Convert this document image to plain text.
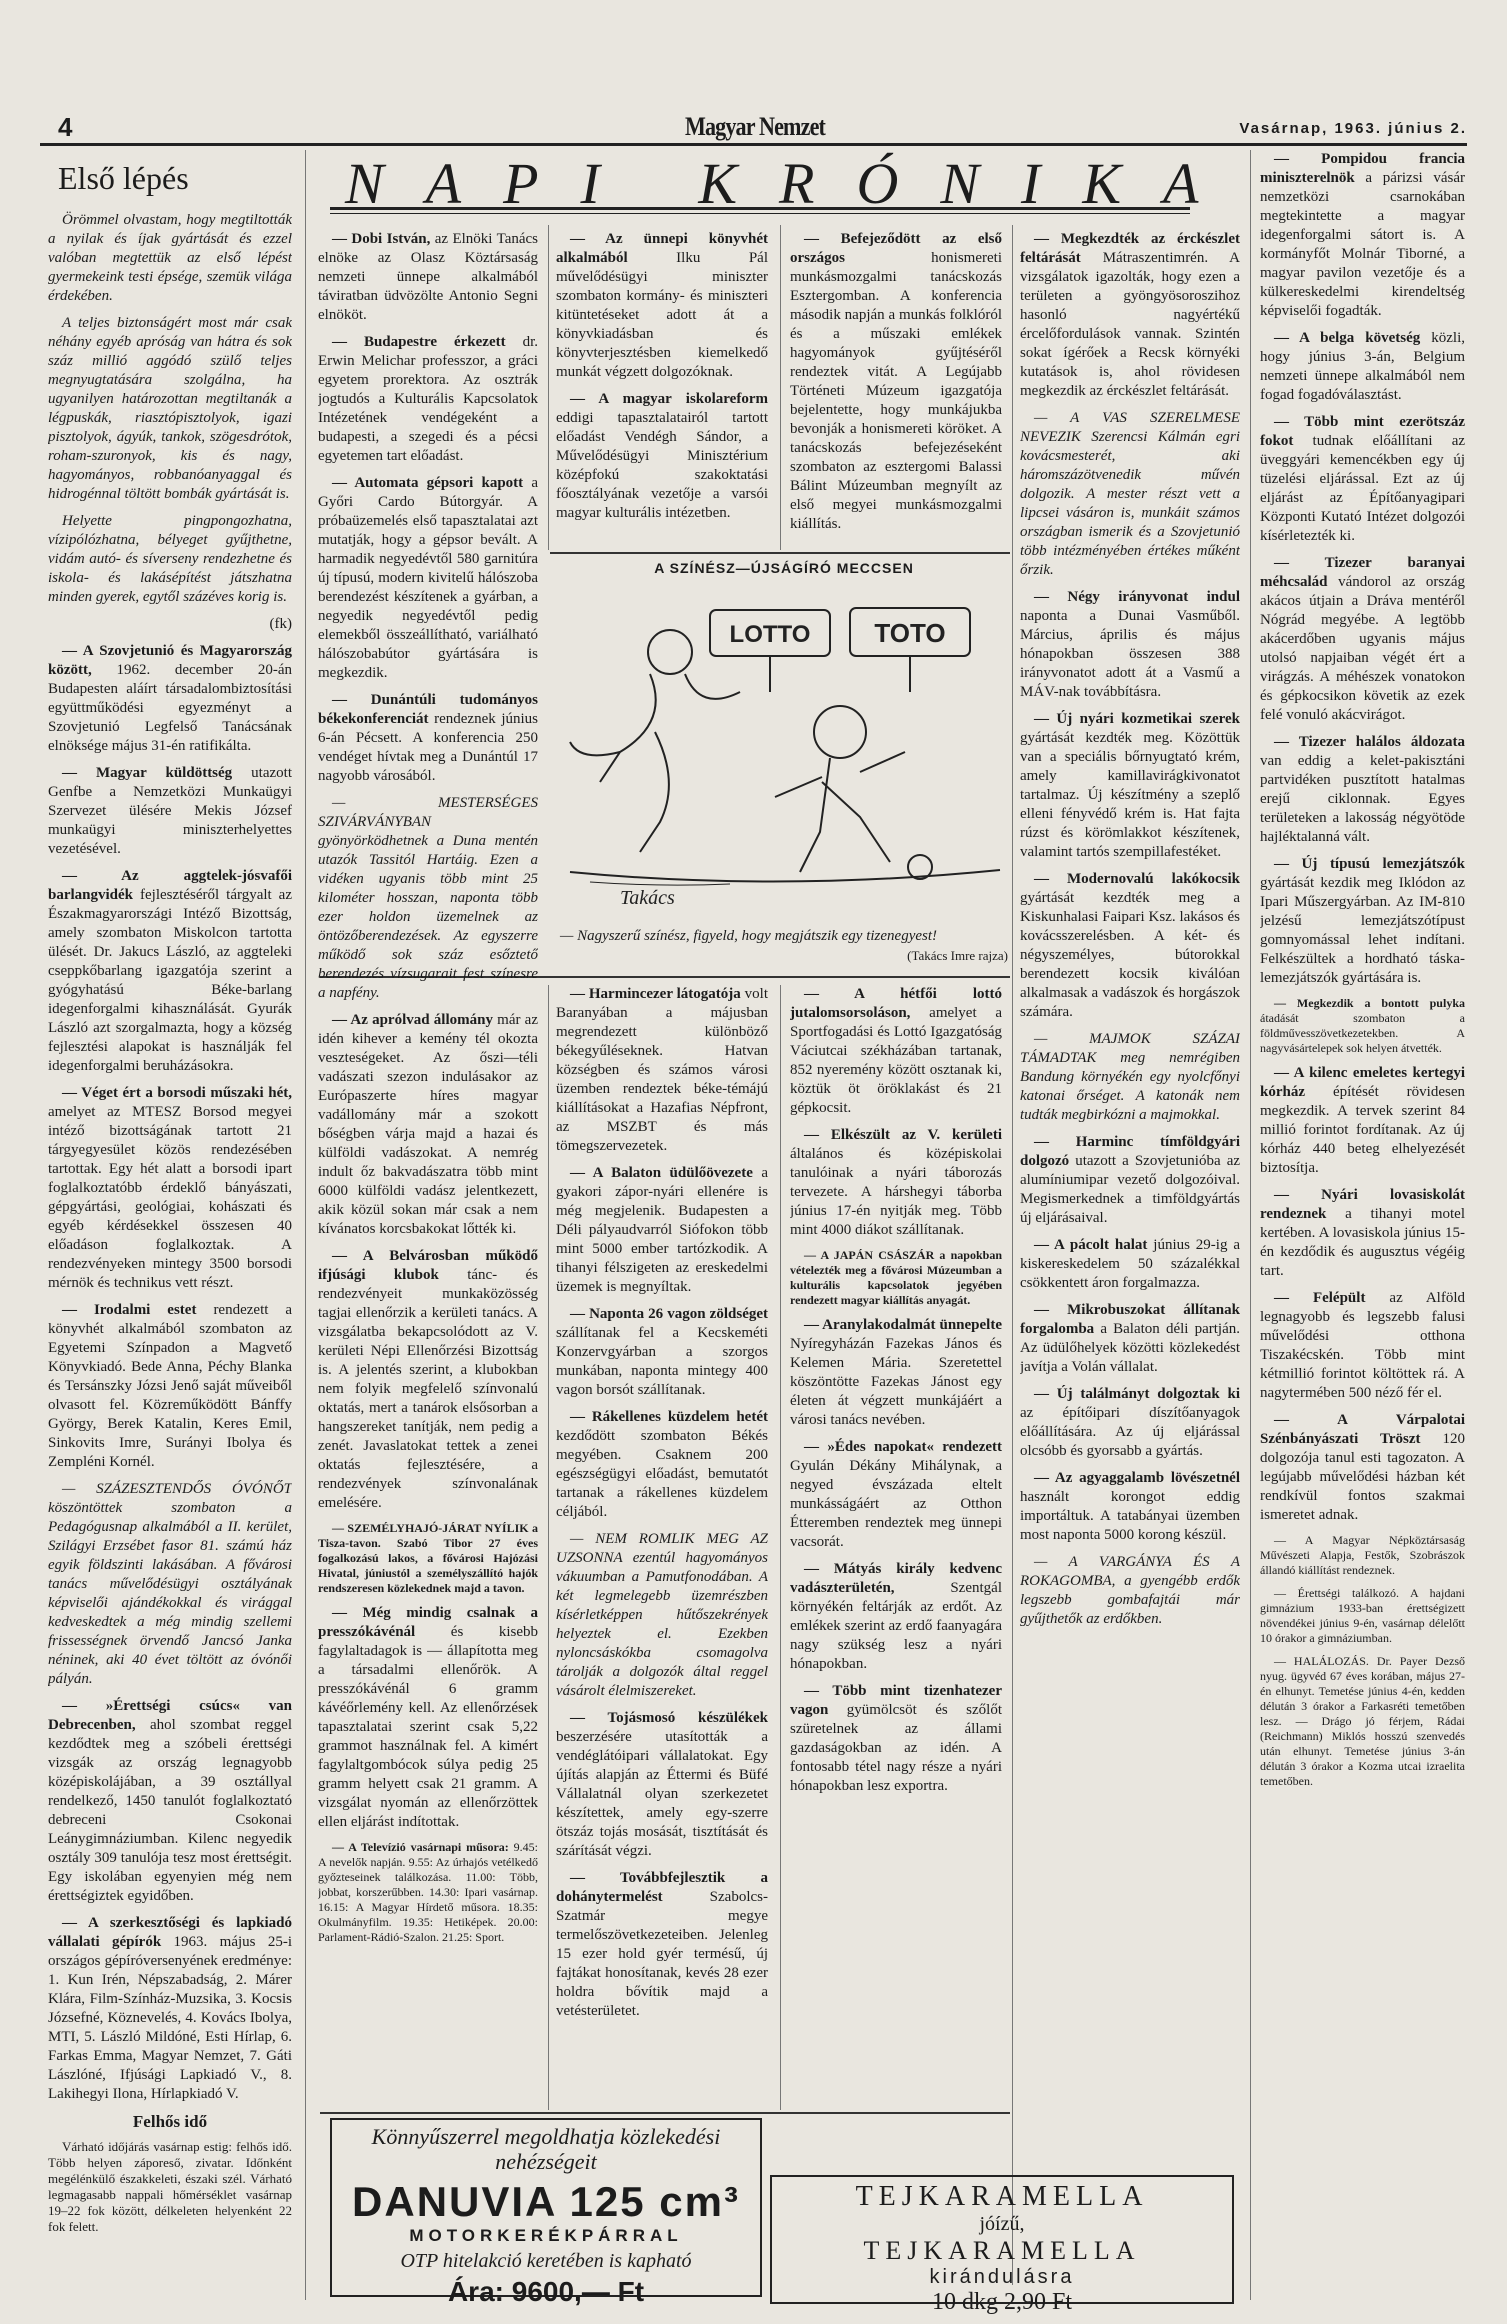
4	Magyar Nemzet	Vasárnap, 1963. június 2.
NAPI KRÓNIKA
Első lépés

Örömmel olvastam, hogy megtiltották a nyilak és íjak gyártását és ezzel valóban megtettük az első lépést gyermekeink testi épsége, szemük világa érdekében.

A teljes biztonságért most már csak néhány egyéb apróság van hátra és sok száz millió aggódó szülő teljes megnyugtatására szolgálna, ha ugyanilyen határozottan megtiltanák a légpuskák, riasztópisztolyok, igazi pisztolyok, ágyúk, tankok, szögesdrótok, roham-szuronyok, kis és nagy, hagyományos, robbanóanyaggal és hidrogénnal töltött bombák gyártását is.

Helyette pingpongozhatna, vízipólózhatna, bélyeget gyűjthetne, vidám autó- és síverseny rendezhetne és iskola- és lakásépítést játszhatna minden gyerek, egytől százéves korig is.

(fk)

— A Szovjetunió és Magyarország között, 1962. december 20-án Budapesten aláírt társadalombiztosítási együttműködési egyezményt a Szovjetunió Legfelső Tanácsának elnöksége május 31-én ratifikálta.

— Magyar küldöttség utazott Genfbe a Nemzetközi Munkaügyi Szervezet ülésére Mekis József munkaügyi miniszterhelyettes vezetésével.

— Az aggtelek-jósvafői barlangvidék fejlesztéséről tárgyalt az Északmagyarországi Intéző Bizottság, amely szombaton Miskolcon tartotta ülését. Dr. Jakucs László, az aggteleki cseppkőbarlang igazgatója szerint a gyógyhatású Béke-barlang idegenforgalmi kihasználását. Gyurák László azt szorgalmazta, hogy a község fejlesztési alapokat is használják fel idegenforgalmi beruházásokra.

— Véget ért a borsodi műszaki hét, amelyet az MTESZ Borsod megyei intéző bizottságának tartott 21 tárgyegyesület közös rendezésében tartottak. Egy hét alatt a borsodi ipart foglalkoztatóbb érdeklő bányászati, gépgyártási, geológiai, kohászati és egyéb kérdésekkel összesen 40 előadáson foglalkoztak. A rendezvényeken mintegy 3500 borsodi mérnök és technikus vett részt.

— Irodalmi estet rendezett a könyvhét alkalmából szombaton az Egyetemi Színpadon a Magvető Könyvkiadó. Bede Anna, Péchy Blanka és Tersánszky Józsi Jenő saját műveiből olvasott fel. Közreműködött Bánffy György, Berek Katalin, Keres Emil, Sinkovits Imre, Surányi Ibolya és Zempléni Kornél.

— SZÁZESZTENDŐS ÓVÓNŐT köszöntöttek szombaton a Pedagógusnap alkalmából a II. kerület, Szilágyi Erzsébet fasor 81. számú ház egyik földszinti lakásában. A fővárosi tanács művelődésügyi osztályának képviselői ajándékokkal és virággal kedveskedtek a még mindig szellemi frissességnek örvendő Jancsó Janka néninek, aki 40 évet töltött az óvónői pályán.

— »Érettségi csúcs« van Debrecenben, ahol szombat reggel kezdődtek meg a szóbeli érettségi vizsgák az ország legnagyobb középiskolájában, a 39 osztállyal rendelkező, 1450 tanulót foglalkoztató debreceni Csokonai Leánygimnáziumban. Kilenc negyedik osztály 309 tanulója tesz most érettségit. Egy iskolában egyenyien még nem érettségiztek egyidőben.

— A szerkesztőségi és lapkiadó vállalati gépírók 1963. május 25-i országos gépíróversenyének eredménye: 1. Kun Irén, Népszabadság, 2. Márer Klára, Film-Színház-Muzsika, 3. Kocsis Józsefné, Köznevelés, 4. Kovács Ibolya, MTI, 5. László Mildóné, Esti Hírlap, 6. Farkas Emma, Magyar Nemzet, 7. Gáti Lászlóné, Ifjúsági Lapkiadó V., 8. Lakihegyi Ilona, Hírlapkiadó V.

Felhős idő

Várható időjárás vasárnap estig: felhős idő. Több helyen záporeső, zivatar. Időnként megélénkülő északkeleti, északi szél. Várható legmagasabb nappali hőmérséklet vasárnap 19–22 fok között, délkeleten helyenként 22 fok felett.

— Dobi István, az Elnöki Tanács elnöke az Olasz Köztársaság nemzeti ünnepe alkalmából táviratban üdvözölte Antonio Segni elnököt.

— Budapestre érkezett dr. Erwin Melichar professzor, a gráci egyetem prorektora. Az osztrák jogtudós a Kulturális Kapcsolatok Intézetének vendégeként a budapesti, a szegedi és a pécsi egyetemen tart előadást.

— Automata gépsori kapott a Győri Cardo Bútorgyár. A próbaüzemelés első tapasztalatai azt mutatják, hogy a gépsor bevált. A harmadik negyedévtől 580 garnitúra új típusú, modern kivitelű hálószoba berendezést készítenek a gyárban, a negyedik negyedévtől pedig elemekből összeállítható, variálható hálószobabútor gyártására is megkezdik.

— Dunántúli tudományos békekonferenciát rendeznek június 6-án Pécsett. A konferencia 250 vendéget hívtak meg a Dunántúl 17 nagyobb városából.

— MESTERSÉGES SZIVÁRVÁNYBAN gyönyörködhetnek a Duna mentén utazók Tassitól Hartáig. Ezen a vidéken ugyanis több mint 25 kilométer hosszan, naponta több ezer holdon üzemelnek az öntözőberendezések. Az egyszerre működő sok száz esőztető berendezés vízsugarait fest színesre a napfény.

— Az aprólvad állomány már az idén kihever a kemény tél okozta veszteségeket. Az őszi—téli vadászati szezon indulásakor az Európaszerte híres magyar vadállomány már a szokott bőségben várja majd a hazai és külföldi vadászokat. A nemrég indult őz bakvadászatra több mint 6000 külföldi vadász jelentkezett, akik közül sokan már csak a nem kívánatos korcsbakokat lőtték ki.

— A Belvárosban működő ifjúsági klubok tánc- és rendezvényeit munkaközösség tagjai ellenőrzik a kerületi tanács. A vizsgálatba bekapcsolódott az V. kerületi Népi Ellenőrzési Bizottság is. A jelentés szerint, a klubokban nem folyik megfelelő színvonalú oktatás, mert a tanárok elsősorban a hangszereket tanítják, nem pedig a zenét. Javaslatokat tettek a zenei oktatás fejlesztésére, a rendezvények színvonalának emelésére.

— SZEMÉLYHAJÓ-JÁRAT NYÍLIK a Tisza-tavon. Szabó Tibor 27 éves fogalkozású lakos, a fővárosi Hajózási Hivatal, júniustól a személyszállító hajók rendszeresen közlekednek majd a tavon.

— Még mindig csalnak a presszókávénál és kisebb fagylaltadagok is — állapította meg a társadalmi ellenőrök. A presszókávénál 6 gramm kávéőrlemény kell. Az ellenőrzések tapasztalatai szerint csak 5,22 grammot használnak fel. A kimért fagylaltgombócok súlya pedig 25 gramm helyett csak 21 gramm. A vizsgálat nyomán az ellenőrzöttek ellen eljárást indítottak.

— A Televízió vasárnapi műsora: 9.45: A nevelők napján. 9.55: Az úrhajós vetélkedő győzteseinek találkozása. 11.00: Több, jobbat, korszerűbben. 14.30: Ipari vasárnap. 16.15: A Magyar Hírdető műsora. 18.35: Okulmányfilm. 19.35: Hetiképek. 20.00: Parlament-Rádió-Szalon. 21.25: Sport.

— Az ünnepi könyvhét alkalmából	Ilku Pál művelődésügyi miniszter szombaton kormány- és miniszteri kitüntetéseket adott át a könyvkiadásban és könyvterjesztésben kiemelkedő munkát végzett dolgozóknak.

— A magyar iskolareform eddigi tapasztalatairól tartott előadást Vendégh Sándor, a Művelődésügyi Minisztérium középfokú szakoktatási főosztályának vezetője a varsói magyar kulturális intézetben.

— Befejeződött az első országos	honismereti munkásmozgalmi tanácskozás Esztergomban. A konferencia második napján a munkás folklóról és a műszaki emlékek hagyományok gyűjtéséről rendeztek vitát. A Legújabb Történeti Múzeum igazgatója bejelentette, hogy munkájukba bevonják a honismereti köröket. A tanácskozás befejezéseként szombaton az esztergomi Balassi Bálint Múzeumban megnyílt az első megyei munkásmozgalmi kiállítás.

A SZÍNÉSZ—ÚJSÁGÍRÓ MECCSEN
LOTTO TOTO
Takács
— Nagyszerű színész, figyeld, hogy megjátszik egy tizenegyest!
(Takács Imre rajza)

— Harmincezer látogatója volt Baranyában a májusban megrendezett különböző békegyűléseknek. Hatvan községben és számos városi üzemben rendeztek béke-témájú kiállításokat a Hazafias Népfront, az MSZBT és más tömegszervezetek.

— A Balaton üdülőövezete a gyakori zápor-nyári ellenére is még megjelenik. Budapesten a Déli pályaudvarról Siófokon több mint 5000 ember tartózkodik. A tihanyi félszigeten az ereskedelmi üzemek is megnyíltak.

— Naponta 26 vagon zöldséget szállítanak fel a Kecskeméti Konzervgyárban a szorgos munkában, naponta mintegy 400 vagon borsót szállítanak.

— Rákellenes küzdelem hetét kezdődött szombaton Békés megyében. Csaknem 200 egészségügyi előadást, bemutatót tartanak a rákellenes küzdelem céljából.

— NEM ROMLIK MEG AZ UZSONNA ezentúl hagyományos vákuumban a Pamutfonodában. A két legmelegebb üzemrészben kísérletképpen hűtőszekrények helyeztek el. Ezekben nyloncsáskókba csomagolva tárolják a dolgozók által reggel vásárolt élelmiszereket.

— Tojásmosó készülékek beszerzésére utasították a vendéglátóipari vállalatokat. Egy újítás alapján az Éttermi és Büfé Vállalatnál olyan szerkezetet készítettek, amely egy-szerre ötszáz tojás mosását, tisztítását és szárítását végzi.

— Továbbfejlesztik a dohánytermelést	Szabolcs-Szatmár megye termelőszövetkezeteiben. Jelenleg 15 ezer hold gyér termésű, új fajtákat honosítanak, kevés 28 ezer holdra bővítik majd a vetésterületet.

— A hétfői lottó jutalomsorsoláson, amelyet a Sportfogadási és Lottó Igazgatóság Váciutcai székházában tartanak, 852 nyeremény között osztanak ki, köztük öt öröklakást és 21 gépkocsit.

— Elkészült az V. kerületi általános és középiskolai tanulóinak a nyári táborozás tervezete. A hárshegyi táborba június 17-én nyitják meg. Több mint 4000 diákot szállítanak.

— A JAPÁN CSÁSZÁR a napokban vételezték meg a fővárosi Múzeumban a kulturális kapcsolatok jegyében rendezett magyar kiállítás anyagát.

— Aranylakodalmát ünnepelte Nyíregyházán Fazekas János és Kelemen Mária. Szeretettel köszöntötte Fazekas Jánost egy életen át végzett munkájáért a városi tanács nevében.

— »Édes napokat« rendezett Gyulán Dékány Mihálynak, a negyed évszázada eltelt munkásságáért az Otthon Étteremben rendeztek meg ünnepi vacsorát.

— Mátyás király kedvenc vadászterületén,	Szentgál környékén feltárják az erdőt. Az emlékek szerint az erdő faanyagára nagy szükség lesz a nyári hónapokban.

— Több mint tizenhatezer vagon gyümölcsöt és szőlőt szüretelnek az állami gazdaságokban az idén. A fontosabb tétel nagy része a nyári hónapokban lesz exportra.

— Megkezdték az érckészlet feltárását Mátraszentimrén. A vizsgálatok igazolták, hogy ezen a területen a gyöngyösoroszihoz hasonló nagyértékű ércelőfordulások vannak. Szintén sokat ígérőek a Recsk környéki kutatások is, ahol rövidesen megkezdik az érckészlet feltárását.

— A VAS SZERELMESE NEVEZIK Szerencsi Kálmán egri kovácsmesterét, aki háromszázötvenedik művén dolgozik. A mester részt vett a lipcsei vásáron is, munkáit számos országban ismerik és a Szovjetunió több intézményében értékes műként őrzik.

— Négy irányvonat indul naponta a Dunai Vasműből. Március, április és május hónapokban összesen 388 irányvonatot adott át a Vasmű a MÁV-nak továbbításra.

— Új nyári kozmetikai szerek gyártását kezdték meg. Közöttük van a speciális bőrnyugtató krém, amely kamillavirágkivonatot tartalmaz. Új készítmény a szeplő elleni fényvédő krém is. Hat fajta rúzst és körömlakkot készítenek, valamint tartós szempillafestéket.

— Modernovalú lakókocsik gyártását kezdték meg a Kiskunhalasi Faipari Ksz. lakásos és kovácsszerelésben. A két- és négyszemélyes, bútorokkal berendezett kocsik kiválóan alkalmasak a vadászok és horgászok számára.

— MAJMOK SZÁZAI TÁMADTAK meg nemrégiben Bandung környékén egy nyolcfőnyi katonai őrséget. A katonák nem tudták megbirkózni a majmokkal.

— Harminc tímföldgyári dolgozó utazott a Szovjetunióba az alumíniumipar vezető dolgozóival. Megismerkednek a timföldgyártás új eljárásaival.

— A pácolt halat június 29-ig a kiskereskedelem 50 százalékkal csökkentett áron forgalmazza.

— Mikrobuszokat állítanak forgalomba a Balaton déli partján. Az üdülőhelyek közötti közlekedést javítja a Volán vállalat.

— Új találmányt dolgoztak ki az építőipari díszítőanyagok előállítására. Az új eljárással olcsóbb és gyorsabb a gyártás.

— Az agyaggalamb lövészetnél használt korongot eddig importáltuk. A tatabányai üzemben most naponta 5000 korong készül.

— A VARGÁNYA ÉS A ROKAGOMBA, a gyengébb erdők legszebb gombafajtái már gyűjthetők az erdőkben.

— Pompidou francia miniszterelnök a párizsi vásár nemzetközi csarnokában megtekintette a magyar idegenforgalmi sátort is. A kormányfőt Molnár Tiborné, a magyar pavilon vezetője és a külkereskedelmi kirendeltség képviselői fogadták.

— A belga követség közli, hogy június 3-án, Belgium nemzeti ünnepe alkalmából nem fogad fogadóválasztást.

— Több mint ezerötszáz fokot tudnak előállítani az üveggyári kemencékben egy új tüzelési eljárással. Ezt az új eljárást az Építőanyagipari Központi Kutató Intézet dolgozói kísérletezték ki.

— Tizezer baranyai méhcsalád vándorol az ország akácos útjain a Dráva mentéről Nógrád megyébe. A legtöbb akácerdőben ugyanis május utolsó napjaiban végét ért a virágzás. A méhészek vonatokon és gépkocsikon követik az ezek felé vonuló akácvirágot.

— Tizezer halálos áldozata van eddig a kelet-pakisztáni partvidéken pusztított hatalmas erejű ciklonnak. Egyes területeken a lakosság négyötöde hajléktalanná vált.

— Új típusú lemezjátszók gyártását kezdik meg Iklódon az Ipari Műszergyárban. Az IM-810 jelzésű lemezjátszótípust gomnyomással lehet indítani. Felkészültek a hordható táska-lemezjátszók gyártására is.

— Megkezdik a bontott pulyka átadását szombaton a földművesszövetkezetekben. A nagyvásártelepek sok helyen átvették.

— A kilenc emeletes kertegyi kórház építését rövidesen megkezdik. A tervek szerint 84 millió forintot fordítanak. Az új kórház 440 beteg elhelyezését biztosítja.

— Nyári lovasiskolát rendeznek a tihanyi motel kertében. A lovasiskola június 15-én kezdődik és augusztus végéig tart.

— Felépült az Alföld legnagyobb és legszebb falusi művelődési otthona Tiszakécskén. Több mint kétmillió forintot költöttek rá. A nagytermében 500 néző fér el.

— A Várpalotai Szénbányászati Tröszt 120 dolgozója tanul esti tagozaton. A legújabb művelődési házban két rendkívül fontos szakmai ismeretet adnak.

— A Magyar Népköztársaság Művészeti Alapja, Festők, Szobrászok állandó kiállítást rendeznek.

— Érettségi találkozó. A hajdani gimnázium 1933-ban érettségizett növendékei június 9-én, vasárnap délelőtt 10 órakor a gimnáziumban.

— HALÁLOZÁS. Dr. Payer Dezső nyug. ügyvéd 67 éves korában, május 27-én elhunyt. Temetése június 4-én, kedden délután 3 órakor a Farkasréti temetőben lesz. — Drágo jó férjem, Rádai (Reichmann) Miklós hosszú szenvedés után elhunyt. Temetése június 3-án délután 3 órakor a Kozma utcai izraelita temetőben.

Könnyűszerrel megoldhatja közlekedési nehézségeit
DANUVIA 125 cm³
MOTORKERÉKPÁRRAL
OTP hitelakció keretében is kapható
Ára: 9600,— Ft
TEJKARAMELLA
jóízű,
TEJKARAMELLA
kirándulásra
10 dkg 2,90 Ft
